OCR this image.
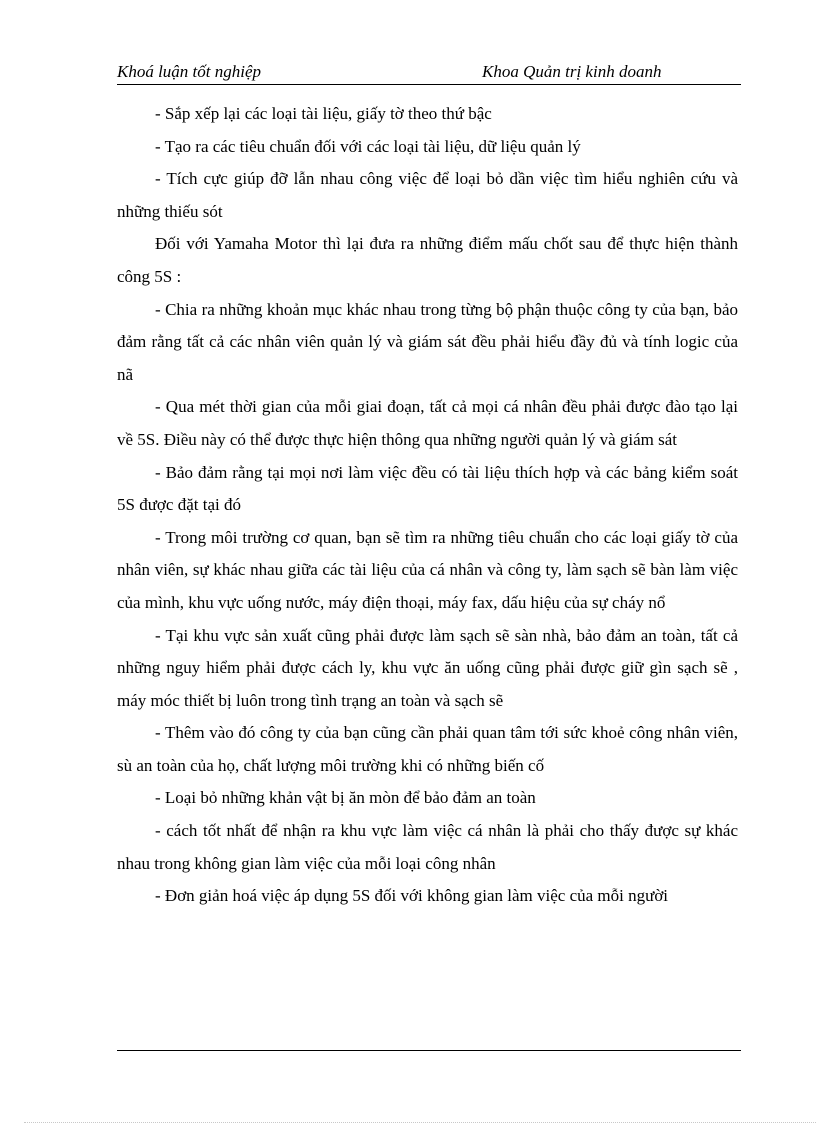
Khoá luận tốt nghiệp	Khoa Quản trị kinh doanh

- Sắp xếp lại các loại tài liệu, giấy tờ theo thứ bậc

- Tạo ra các tiêu chuẩn đối với các loại tài liệu, dữ liệu quản lý

- Tích cực giúp đỡ lẫn nhau công việc để loại bỏ dần việc tìm hiểu nghiên cứu và những thiếu sót

Đối với Yamaha Motor thì lại đưa ra những điểm mấu chốt sau để thực hiện thành công 5S :

- Chia ra những khoản mục khác nhau trong từng bộ phận thuộc công ty của bạn, bảo đảm rằng tất cả các nhân viên quản lý và giám sát đều phải hiểu đầy đủ và tính logic của nã

- Qua mét thời gian của mỗi giai đoạn, tất cả mọi cá nhân đều phải được đào tạo lại về 5S. Điều này có thể được thực hiện thông qua những người quản lý và giám sát

- Bảo đảm rằng tại mọi nơi làm việc đều có tài liệu thích hợp và các bảng kiểm soát 5S được đặt tại đó

- Trong môi trường cơ quan, bạn sẽ tìm ra những tiêu chuẩn cho các loại giấy tờ của nhân viên, sự khác nhau giữa các tài liệu của cá nhân và công ty, làm sạch sẽ bàn làm việc của mình, khu vực uống nước, máy điện thoại, máy fax, dấu hiệu của sự cháy nổ

- Tại khu vực sản xuất cũng phải được làm sạch sẽ sàn nhà, bảo đảm an toàn, tất cả những nguy hiểm phải được cách ly, khu vực ăn uống cũng phải được giữ gìn sạch sẽ , máy móc thiết bị luôn trong tình trạng an toàn và sạch sẽ

- Thêm vào đó công ty của bạn cũng cần phải quan tâm tới sức khoẻ công nhân viên, sù an toàn của họ, chất lượng môi trường khi có những biến cố

- Loại bỏ những khản vật bị ăn mòn để bảo đảm an toàn

- cách tốt nhất để nhận ra khu vực làm việc cá nhân là phải cho thấy được sự khác nhau trong không gian làm việc của mỗi loại công nhân

- Đơn giản hoá việc áp dụng 5S đối với không gian làm việc của mỗi người
